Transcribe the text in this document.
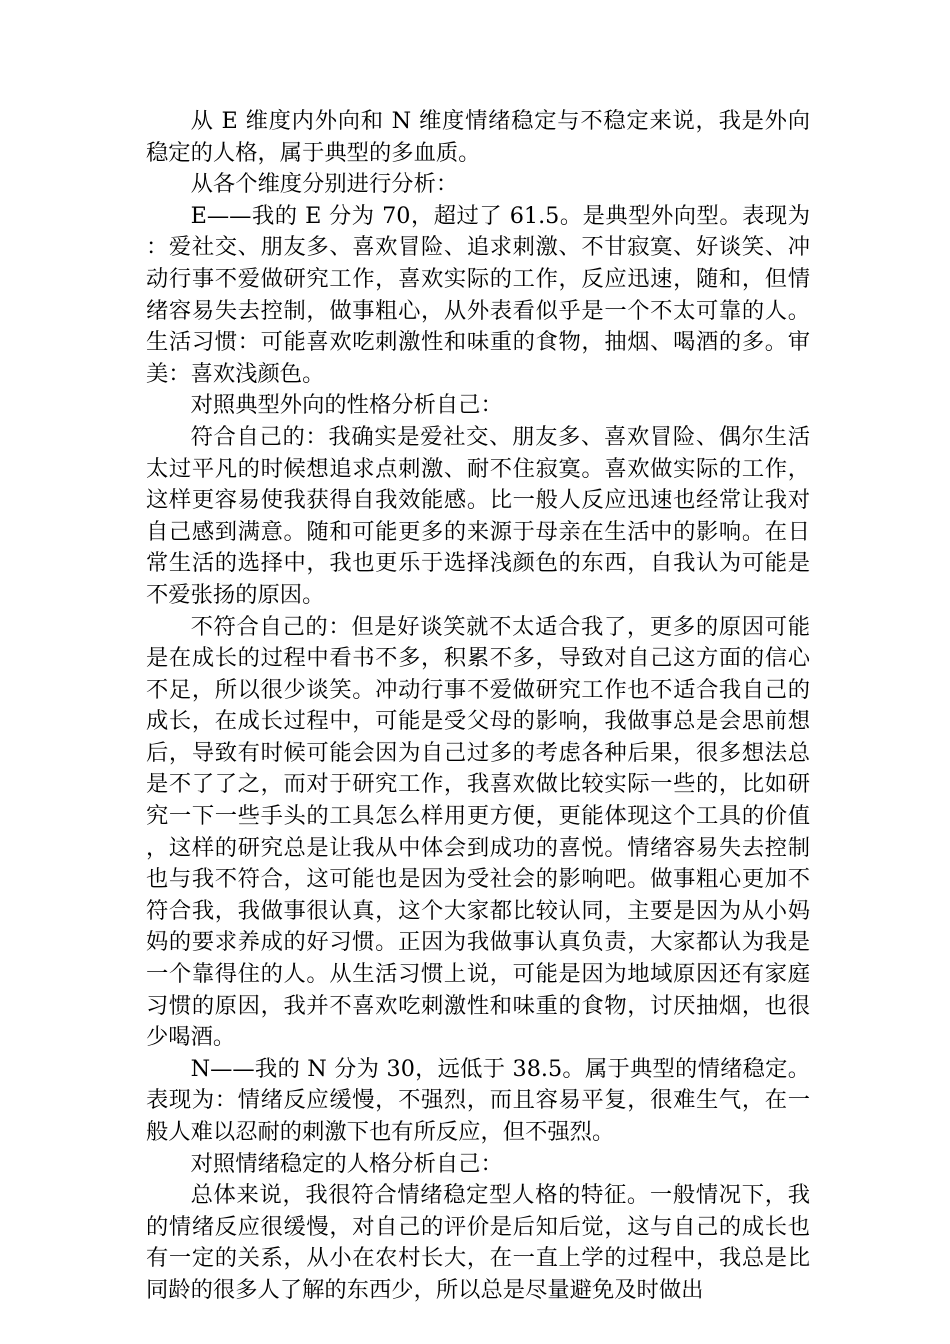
从 E 维度内外向和 N 维度情绪稳定与不稳定来说，我是外向稳定的人格，属于典型的多血质。

从各个维度分别进行分析：

E——我的 E 分为 70，超过了 61.5。是典型外向型。表现为：爱社交、朋友多、喜欢冒险、追求刺激、不甘寂寞、好谈笑、冲动行事不爱做研究工作，喜欢实际的工作，反应迅速，随和，但情绪容易失去控制，做事粗心，从外表看似乎是一个不太可靠的人。生活习惯：可能喜欢吃刺激性和味重的食物，抽烟、喝酒的多。审美：喜欢浅颜色。

对照典型外向的性格分析自己：

符合自己的：我确实是爱社交、朋友多、喜欢冒险、偶尔生活太过平凡的时候想追求点刺激、耐不住寂寞。喜欢做实际的工作，这样更容易使我获得自我效能感。比一般人反应迅速也经常让我对自己感到满意。随和可能更多的来源于母亲在生活中的影响。在日常生活的选择中，我也更乐于选择浅颜色的东西，自我认为可能是不爱张扬的原因。

不符合自己的：但是好谈笑就不太适合我了，更多的原因可能是在成长的过程中看书不多，积累不多，导致对自己这方面的信心不足，所以很少谈笑。冲动行事不爱做研究工作也不适合我自己的成长，在成长过程中，可能是受父母的影响，我做事总是会思前想后，导致有时候可能会因为自己过多的考虑各种后果，很多想法总是不了了之，而对于研究工作，我喜欢做比较实际一些的，比如研究一下一些手头的工具怎么样用更方便，更能体现这个工具的价值，这样的研究总是让我从中体会到成功的喜悦。情绪容易失去控制也与我不符合，这可能也是因为受社会的影响吧。做事粗心更加不符合我，我做事很认真，这个大家都比较认同，主要是因为从小妈妈的要求养成的好习惯。正因为我做事认真负责，大家都认为我是一个靠得住的人。从生活习惯上说，可能是因为地域原因还有家庭习惯的原因，我并不喜欢吃刺激性和味重的食物，讨厌抽烟，也很少喝酒。

N——我的 N 分为 30，远低于 38.5。属于典型的情绪稳定。表现为：情绪反应缓慢，不强烈，而且容易平复，很难生气，在一般人难以忍耐的刺激下也有所反应，但不强烈。

对照情绪稳定的人格分析自己：

总体来说，我很符合情绪稳定型人格的特征。一般情况下，我的情绪反应很缓慢，对自己的评价是后知后觉，这与自己的成长也有一定的关系，从小在农村长大，在一直上学的过程中，我总是比同龄的很多人了解的东西少，所以总是尽量避免及时做出
